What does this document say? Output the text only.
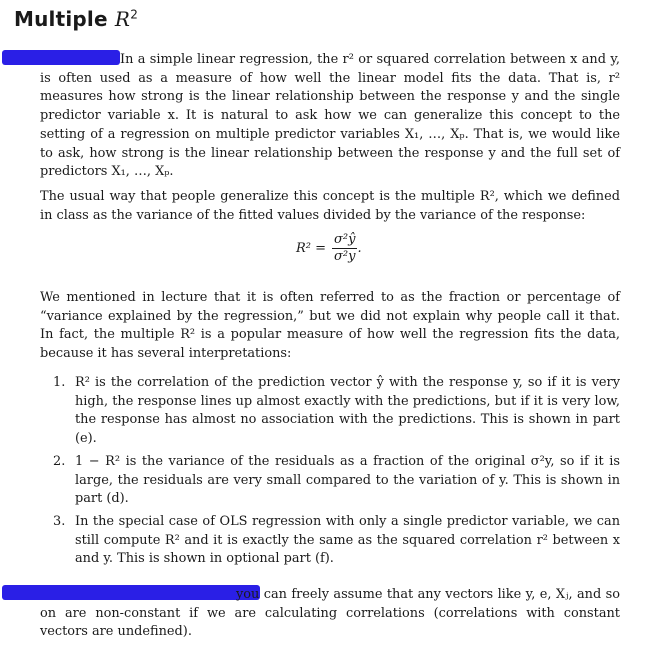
Multiple $R^2$

In a simple linear regression, the r² or squared correlation between x and y, is often used as a measure of how well the linear model fits the data. That is, r² measures how strong is the linear relationship between the response y and the single predictor variable x. It is natural to ask how we can generalize this concept to the setting of a regression on multiple predictor variables X₁, …, Xₚ. That is, we would like to ask, how strong is the linear relationship between the response y and the full set of predictors X₁, …, Xₚ.

The usual way that people generalize this concept is the multiple R², which we defined in class as the variance of the fitted values divided by the variance of the response:

$R^2 = \frac{\text{σ²ŷ}}{\text{σ²y}}$ .

We mentioned in lecture that it is often referred to as the fraction or percentage of “variance explained by the regression,” but we did not explain why people call it that. In fact, the multiple R² is a popular measure of how well the regression fits the data, because it has several interpretations:

1. R² is the correlation of the prediction vector ŷ with the response y, so if it is very high, the response lines up almost exactly with the predictions, but if it is very low, the response has almost no association with the predictions. This is shown in part (e).
2. 1 − R² is the variance of the residuals as a fraction of the original σ²y, so if it is large, the residuals are very small compared to the variation of y. This is shown in part (d).
3. In the special case of OLS regression with only a single predictor variable, we can still compute R² and it is exactly the same as the squared correlation r² between x and y. This is shown in optional part (f).

you can freely assume that any vectors like y, e, Xⱼ, and so on are non-constant if we are calculating correlations (correlations with constant vectors are undefined).
